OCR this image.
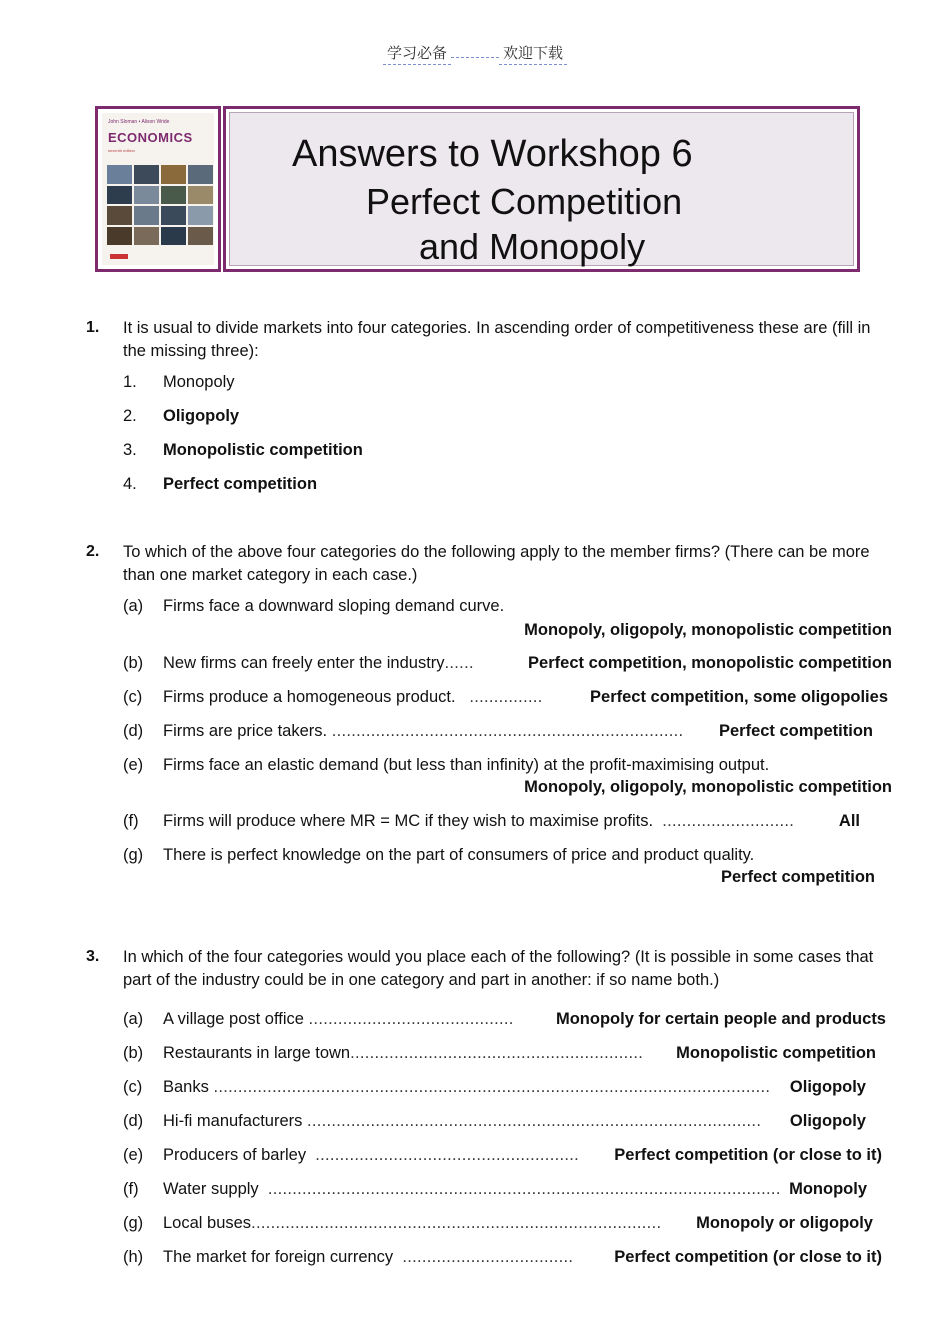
学习必备	欢迎下载
John Sloman • Alison Wride
ECONOMICS
seventh edition	Answers to Workshop 6
Perfect Competition
and Monopoly
1. It is usual to divide markets into four categories. In ascending order of competitiveness these are (fill in the missing three):
1. Monopoly
2. Oligopoly
3. Monopolistic competition
4. Perfect competition
2. To which of the above four categories do the following apply to the member firms? (There can be more than one market category in each case.)
(a) Firms face a downward sloping demand curve.
Monopoly, oligopoly, monopolistic competition
(b) New firms can freely enter the industry......	Perfect competition, monopolistic competition
(c) Firms produce a homogeneous product. ...............	Perfect competition, some oligopolies
(d) Firms are price takers. ........................................................................ Perfect competition
(e) Firms face an elastic demand (but less than infinity) at the profit-maximising output.
Monopoly, oligopoly, monopolistic competition
(f) Firms will produce where MR = MC if they wish to maximise profits. ...........................	All
(g) There is perfect knowledge on the part of consumers of price and product quality.
Perfect competition
3. In which of the four categories would you place each of the following? (It is possible in some cases that part of the industry could be in one category and part in another: if so name both.)
(a) A village post office ..........................................	Monopoly for certain people and products
(b) Restaurants in large town............................................................ Monopolistic competition
(c) Banks .................................................................................................................. Oligopoly
(d) Hi-fi manufacturers ............................................................................................. Oligopoly
(e) Producers of barley ...................................................... Perfect competition (or close to it)
(f) Water supply ......................................................................................................... Monopoly
(g) Local buses.................................................................................... Monopoly or oligopoly
(h) The market for foreign currency ................................... Perfect competition (or close to it)
